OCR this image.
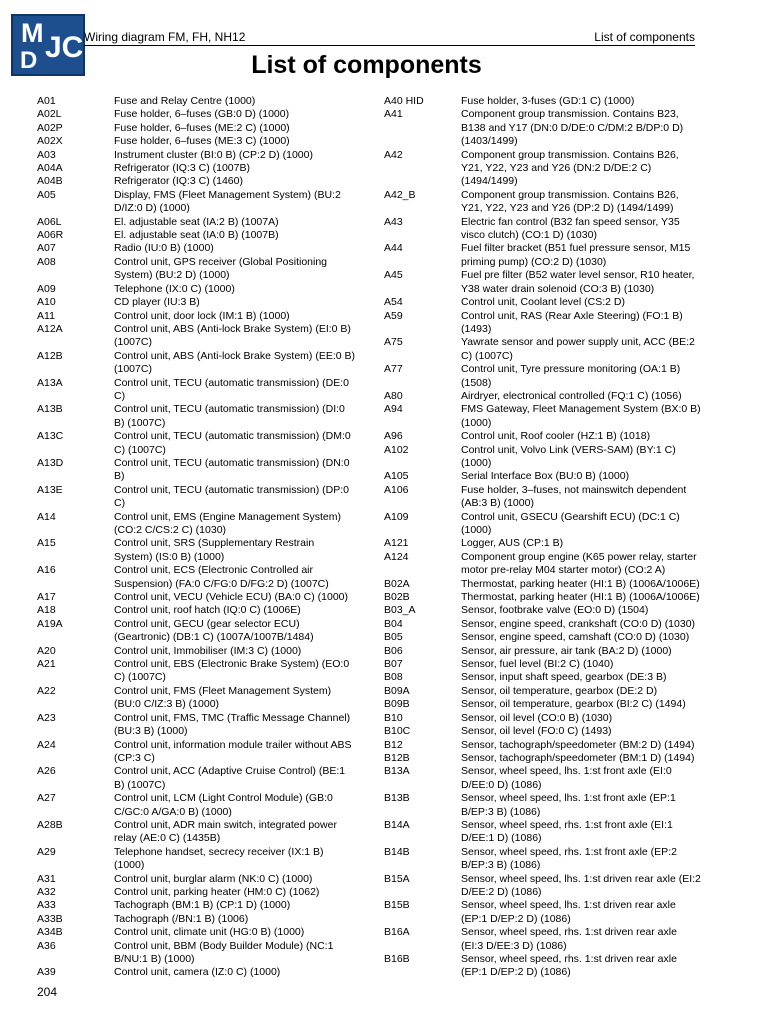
M JC
D
Wiring diagram FM, FH, NH12	List of components
List of components
A01	Fuse and Relay Centre (1000)
A02L	Fuse holder, 6–fuses (GB:0 D) (1000)
A02P	Fuse holder, 6–fuses (ME:2 C) (1000)
A02X	Fuse holder, 6–fuses (ME:3 C) (1000)
A03	Instrument cluster (BI:0 B) (CP:2 D) (1000)
A04A	Refrigerator (IQ:3 C) (1007B)
A04B	Refrigerator (IQ:3 C) (1460)
A05	Display, FMS (Fleet Management System) (BU:2 D/IZ:0 D) (1000)
A06L	El. adjustable seat (IA:2 B) (1007A)
A06R	El. adjustable seat (IA:0 B) (1007B)
A07	Radio (IU:0 B) (1000)
A08	Control unit, GPS receiver (Global Positioning System) (BU:2 D) (1000)
A09	Telephone (IX:0 C) (1000)
A10	CD player (IU:3 B)
A11	Control unit, door lock (IM:1 B) (1000)
A12A	Control unit, ABS (Anti-lock Brake System) (EI:0 B) (1007C)
A12B	Control unit, ABS (Anti-lock Brake System) (EE:0 B) (1007C)
A13A	Control unit, TECU (automatic transmission) (DE:0 C)
A13B	Control unit, TECU (automatic transmission) (DI:0 B) (1007C)
A13C	Control unit, TECU (automatic transmission) (DM:0 C) (1007C)
A13D	Control unit, TECU (automatic transmission) (DN:0 B)
A13E	Control unit, TECU (automatic transmission) (DP:0 C)
A14	Control unit, EMS (Engine Management System) (CO:2 C/CS:2 C) (1030)
A15	Control unit, SRS (Supplementary Restrain System) (IS:0 B) (1000)
A16	Control unit, ECS (Electronic Controlled air Suspension) (FA:0 C/FG:0 D/FG:2 D) (1007C)
A17	Control unit, VECU (Vehicle ECU) (BA:0 C) (1000)
A18	Control unit, roof hatch (IQ:0 C) (1006E)
A19A	Control unit, GECU (gear selector ECU) (Geartronic) (DB:1 C) (1007A/1007B/1484)
A20	Control unit, Immobiliser (IM:3 C) (1000)
A21	Control unit, EBS (Electronic Brake System) (EO:0 C) (1007C)
A22	Control unit, FMS (Fleet Management System) (BU:0 C/IZ:3 B) (1000)
A23	Control unit, FMS, TMC (Traffic Message Channel) (BU:3 B) (1000)
A24	Control unit, information module trailer without ABS (CP:3 C)
A26	Control unit, ACC (Adaptive Cruise Control) (BE:1 B) (1007C)
A27	Control unit, LCM (Light Control Module) (GB:0 C/GC:0 A/GA:0 B) (1000)
A28B	Control unit, ADR main switch, integrated power relay (AE:0 C) (1435B)
A29	Telephone handset, secrecy receiver (IX:1 B) (1000)
A31	Control unit, burglar alarm (NK:0 C) (1000)
A32	Control unit, parking heater (HM:0 C) (1062)
A33	Tachograph (BM:1 B) (CP:1 D) (1000)
A33B	Tachograph (/BN:1 B) (1006)
A34B	Control unit, climate unit (HG:0 B) (1000)
A36	Control unit, BBM (Body Builder Module) (NC:1 B/NU:1 B) (1000)
A39	Control unit, camera (IZ:0 C) (1000)
A40 HID	Fuse holder, 3-fuses (GD:1 C) (1000)
A41	Component group transmission. Contains B23, B138 and Y17 (DN:0 D/DE:0 C/DM:2 B/DP:0 D) (1403/1499)
A42	Component group transmission. Contains B26, Y21, Y22, Y23 and Y26 (DN:2 D/DE:2 C) (1494/1499)
A42_B	Component group transmission. Contains B26, Y21, Y22, Y23 and Y26 (DP:2 D) (1494/1499)
A43	Electric fan control (B32 fan speed sensor, Y35 visco clutch) (CO:1 D) (1030)
A44	Fuel filter bracket (B51 fuel pressure sensor, M15 priming pump) (CO:2 D) (1030)
A45	Fuel pre filter (B52 water level sensor, R10 heater, Y38 water drain solenoid (CO:3 B) (1030)
A54	Control unit, Coolant level (CS:2 D)
A59	Control unit, RAS (Rear Axle Steering) (FO:1 B) (1493)
A75	Yawrate sensor and power supply unit, ACC (BE:2 C) (1007C)
A77	Control unit, Tyre pressure monitoring (OA:1 B) (1508)
A80	Airdryer, electronical controlled (FQ:1 C) (1056)
A94	FMS Gateway, Fleet Management System (BX:0 B) (1000)
A96	Control unit, Roof cooler (HZ:1 B) (1018)
A102	Control unit, Volvo Link (VERS-SAM) (BY:1 C) (1000)
A105	Serial Interface Box (BU:0 B) (1000)
A106	Fuse holder, 3–fuses, not mainswitch dependent (AB:3 B) (1000)
A109	Control unit, GSECU (Gearshift ECU) (DC:1 C) (1000)
A121	Logger, AUS (CP:1 B)
A124	Component group engine (K65 power relay, starter motor pre-relay M04 starter motor) (CO:2 A)
B02A	Thermostat, parking heater (HI:1 B) (1006A/1006E)
B02B	Thermostat, parking heater (HI:1 B) (1006A/1006E)
B03_A	Sensor, footbrake valve (EO:0 D) (1504)
B04	Sensor, engine speed, crankshaft (CO:0 D) (1030)
B05	Sensor, engine speed, camshaft (CO:0 D) (1030)
B06	Sensor, air pressure, air tank (BA:2 D) (1000)
B07	Sensor, fuel level (BI:2 C) (1040)
B08	Sensor, input shaft speed, gearbox (DE:3 B)
B09A	Sensor, oil temperature, gearbox (DE:2 D)
B09B	Sensor, oil temperature, gearbox (BI:2 C) (1494)
B10	Sensor, oil level (CO:0 B) (1030)
B10C	Sensor, oil level (FO:0 C) (1493)
B12	Sensor, tachograph/speedometer (BM:2 D) (1494)
B12B	Sensor, tachograph/speedometer (BM:1 D) (1494)
B13A	Sensor, wheel speed, lhs. 1:st front axle (EI:0 D/EE:0 D) (1086)
B13B	Sensor, wheel speed, lhs. 1:st front axle (EP:1 B/EP:3 B) (1086)
B14A	Sensor, wheel speed, rhs. 1:st front axle (EI:1 D/EE:1 D) (1086)
B14B	Sensor, wheel speed, rhs. 1:st front axle (EP:2 B/EP:3 B) (1086)
B15A	Sensor, wheel speed, lhs. 1:st driven rear axle (EI:2 D/EE:2 D) (1086)
B15B	Sensor, wheel speed, lhs. 1:st driven rear axle (EP:1 D/EP:2 D) (1086)
B16A	Sensor, wheel speed, rhs. 1:st driven rear axle (EI:3 D/EE:3 D) (1086)
B16B	Sensor, wheel speed, rhs. 1:st driven rear axle (EP:1 D/EP:2 D) (1086)
204
